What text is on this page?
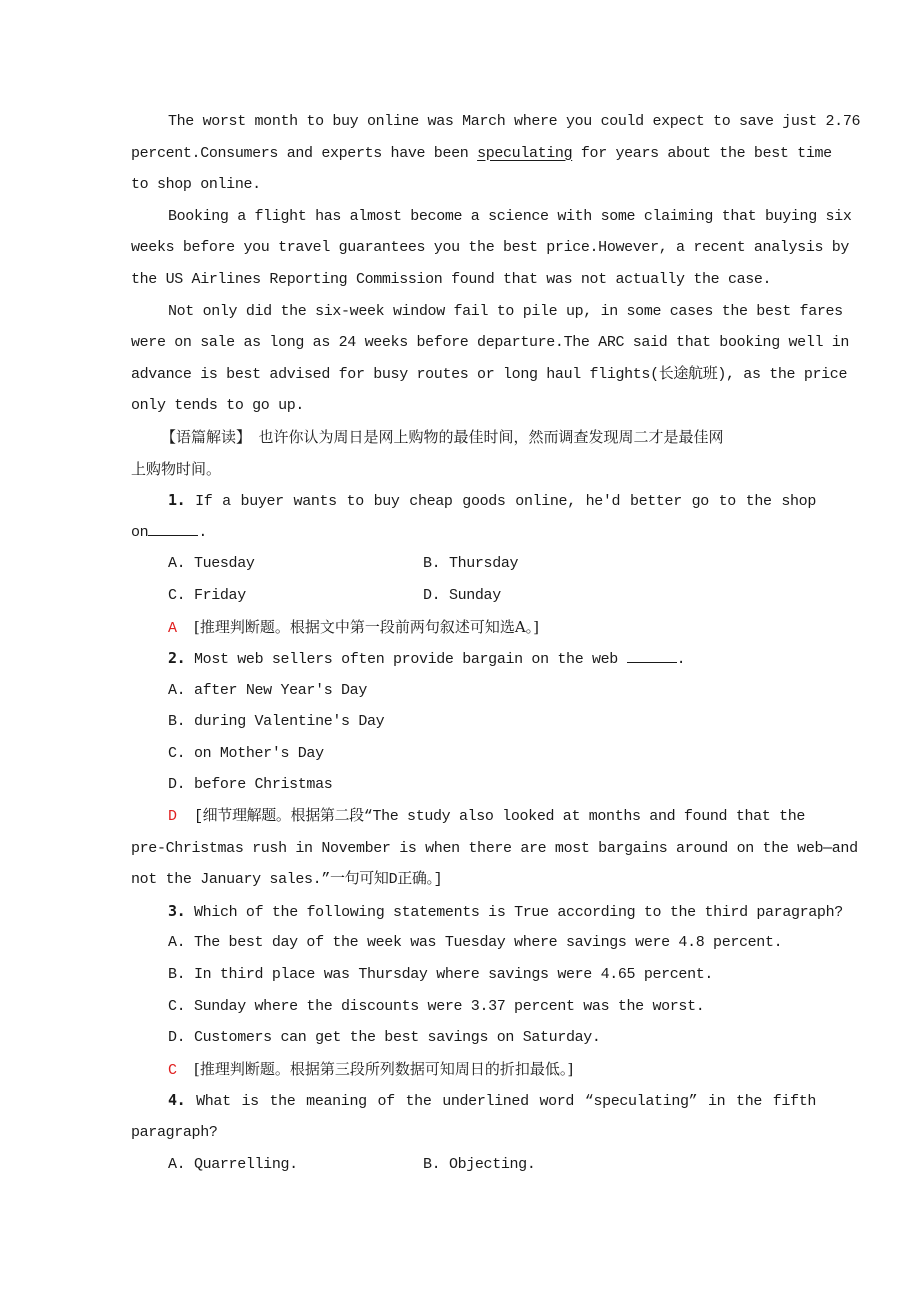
The worst month to buy online was March where you could expect to save just 2.76
percent.Consumers and experts have been speculating for years about the best time
to shop online.
Booking a flight has almost become a science with some claiming that buying six
weeks before you travel guarantees you the best price.However, a recent analysis by
the US Airlines Reporting Commission found that was not actually the case.
Not only did the six-week window fail to pile up, in some cases the best fares
were on sale as long as 24 weeks before departure.The ARC said that booking well in
advance is best advised for busy routes or long haul flights(长途航班), as the price
only tends to go up.
【语篇解读】　也许你认为周日是网上购物的最佳时间，然而调查发现周二才是最佳网
上购物时间。
1. If a buyer wants to buy cheap goods online, he'd better go to the shop
on	.
A. Tuesday	B. Thursday
C. Friday	D. Sunday
A [推理判断题。根据文中第一段前两句叙述可知选A。]
2. Most web sellers often provide bargain on the web	.
A. after New Year's Day
B. during Valentine's Day
C. on Mother's Day
D. before Christmas
D [细节理解题。根据第二段“The study also looked at months and found that the
pre-Christmas rush in November is when there are most bargains around on the web—and
not the January sales.”一句可知D正确。]
3. Which of the following statements is True according to the third paragraph?
A. The best day of the week was Tuesday where savings were 4.8 percent.
B. In third place was Thursday where savings were 4.65 percent.
C. Sunday where the discounts were 3.37 percent was the worst.
D. Customers can get the best savings on Saturday.
C [推理判断题。根据第三段所列数据可知周日的折扣最低。]
4. What is the meaning of the underlined word “speculating” in the fifth
paragraph?
A. Quarrelling.	B. Objecting.
